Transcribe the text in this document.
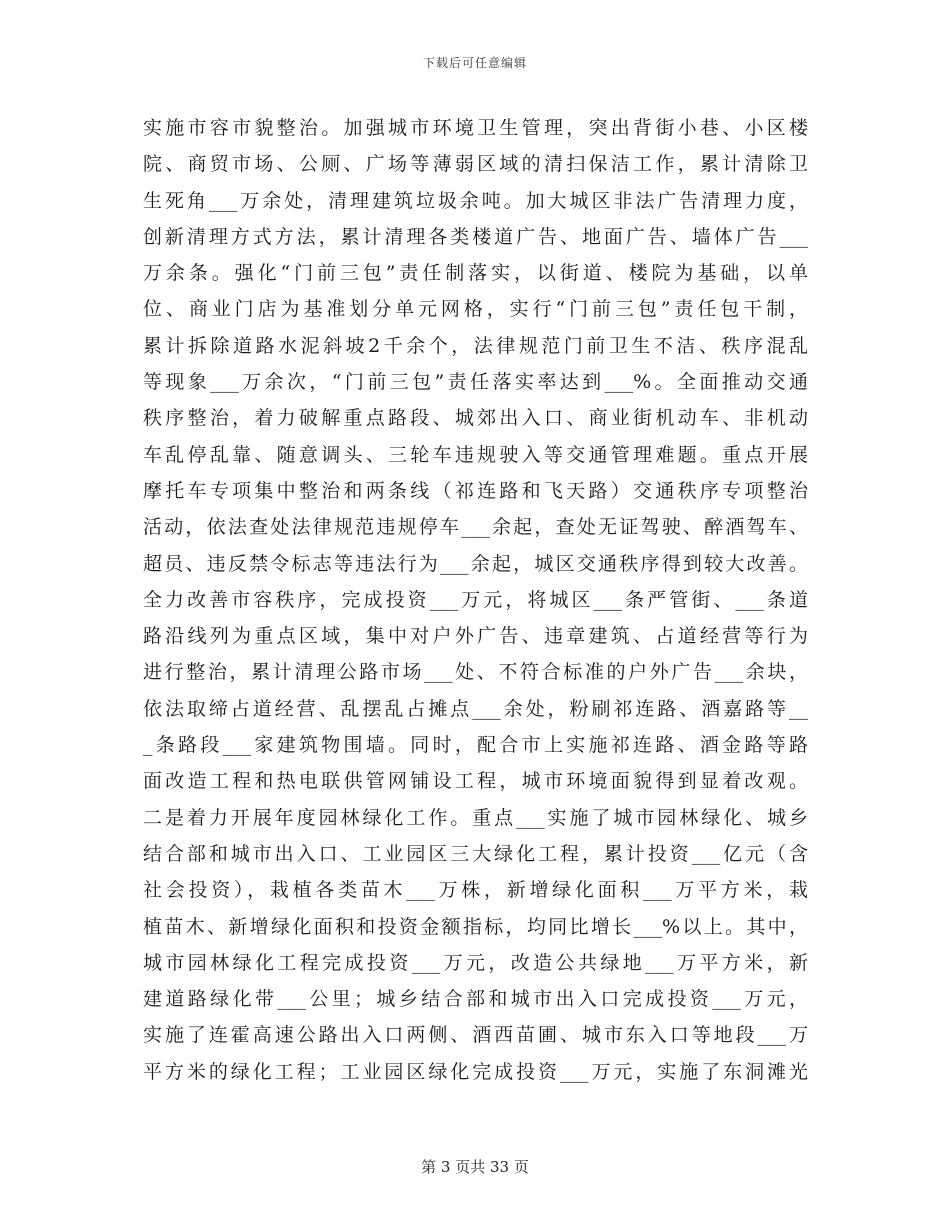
下载后可任意编辑
实施市容市貌整治。加强城市环境卫生管理，突出背街小巷、小区楼
院、商贸市场、公厕、广场等薄弱区域的清扫保洁工作，累计清除卫
生死角___万余处，清理建筑垃圾余吨。加大城区非法广告清理力度，
创新清理方式方法，累计清理各类楼道广告、地面广告、墙体广告___
万余条。强化“门前三包”责任制落实，以街道、楼院为基础，以单
位、商业门店为基准划分单元网格，实行“门前三包”责任包干制，
累计拆除道路水泥斜坡2千余个，法律规范门前卫生不洁、秩序混乱
等现象___万余次，“门前三包”责任落实率达到___%。全面推动交通
秩序整治，着力破解重点路段、城郊出入口、商业街机动车、非机动
车乱停乱靠、随意调头、三轮车违规驶入等交通管理难题。重点开展
摩托车专项集中整治和两条线（祁连路和飞天路）交通秩序专项整治
活动，依法查处法律规范违规停车___余起，查处无证驾驶、醉酒驾车、
超员、违反禁令标志等违法行为___余起，城区交通秩序得到较大改善。
全力改善市容秩序，完成投资___万元，将城区___条严管街、___条道
路沿线列为重点区域，集中对户外广告、违章建筑、占道经营等行为
进行整治，累计清理公路市场___处、不符合标准的户外广告___余块，
依法取缔占道经营、乱摆乱占摊点___余处，粉刷祁连路、酒嘉路等__
_条路段___家建筑物围墙。同时，配合市上实施祁连路、酒金路等路
面改造工程和热电联供管网铺设工程，城市环境面貌得到显着改观。
二是着力开展年度园林绿化工作。重点___实施了城市园林绿化、城乡
结合部和城市出入口、工业园区三大绿化工程，累计投资___亿元（含
社会投资），栽植各类苗木___万株，新增绿化面积___万平方米，栽
植苗木、新增绿化面积和投资金额指标，均同比增长___%以上。其中，
城市园林绿化工程完成投资___万元，改造公共绿地___万平方米，新
建道路绿化带___公里；城乡结合部和城市出入口完成投资___万元，
实施了连霍高速公路出入口两侧、酒西苗圃、城市东入口等地段___万
平方米的绿化工程；工业园区绿化完成投资___万元，实施了东洞滩光
第 3 页共 33 页
